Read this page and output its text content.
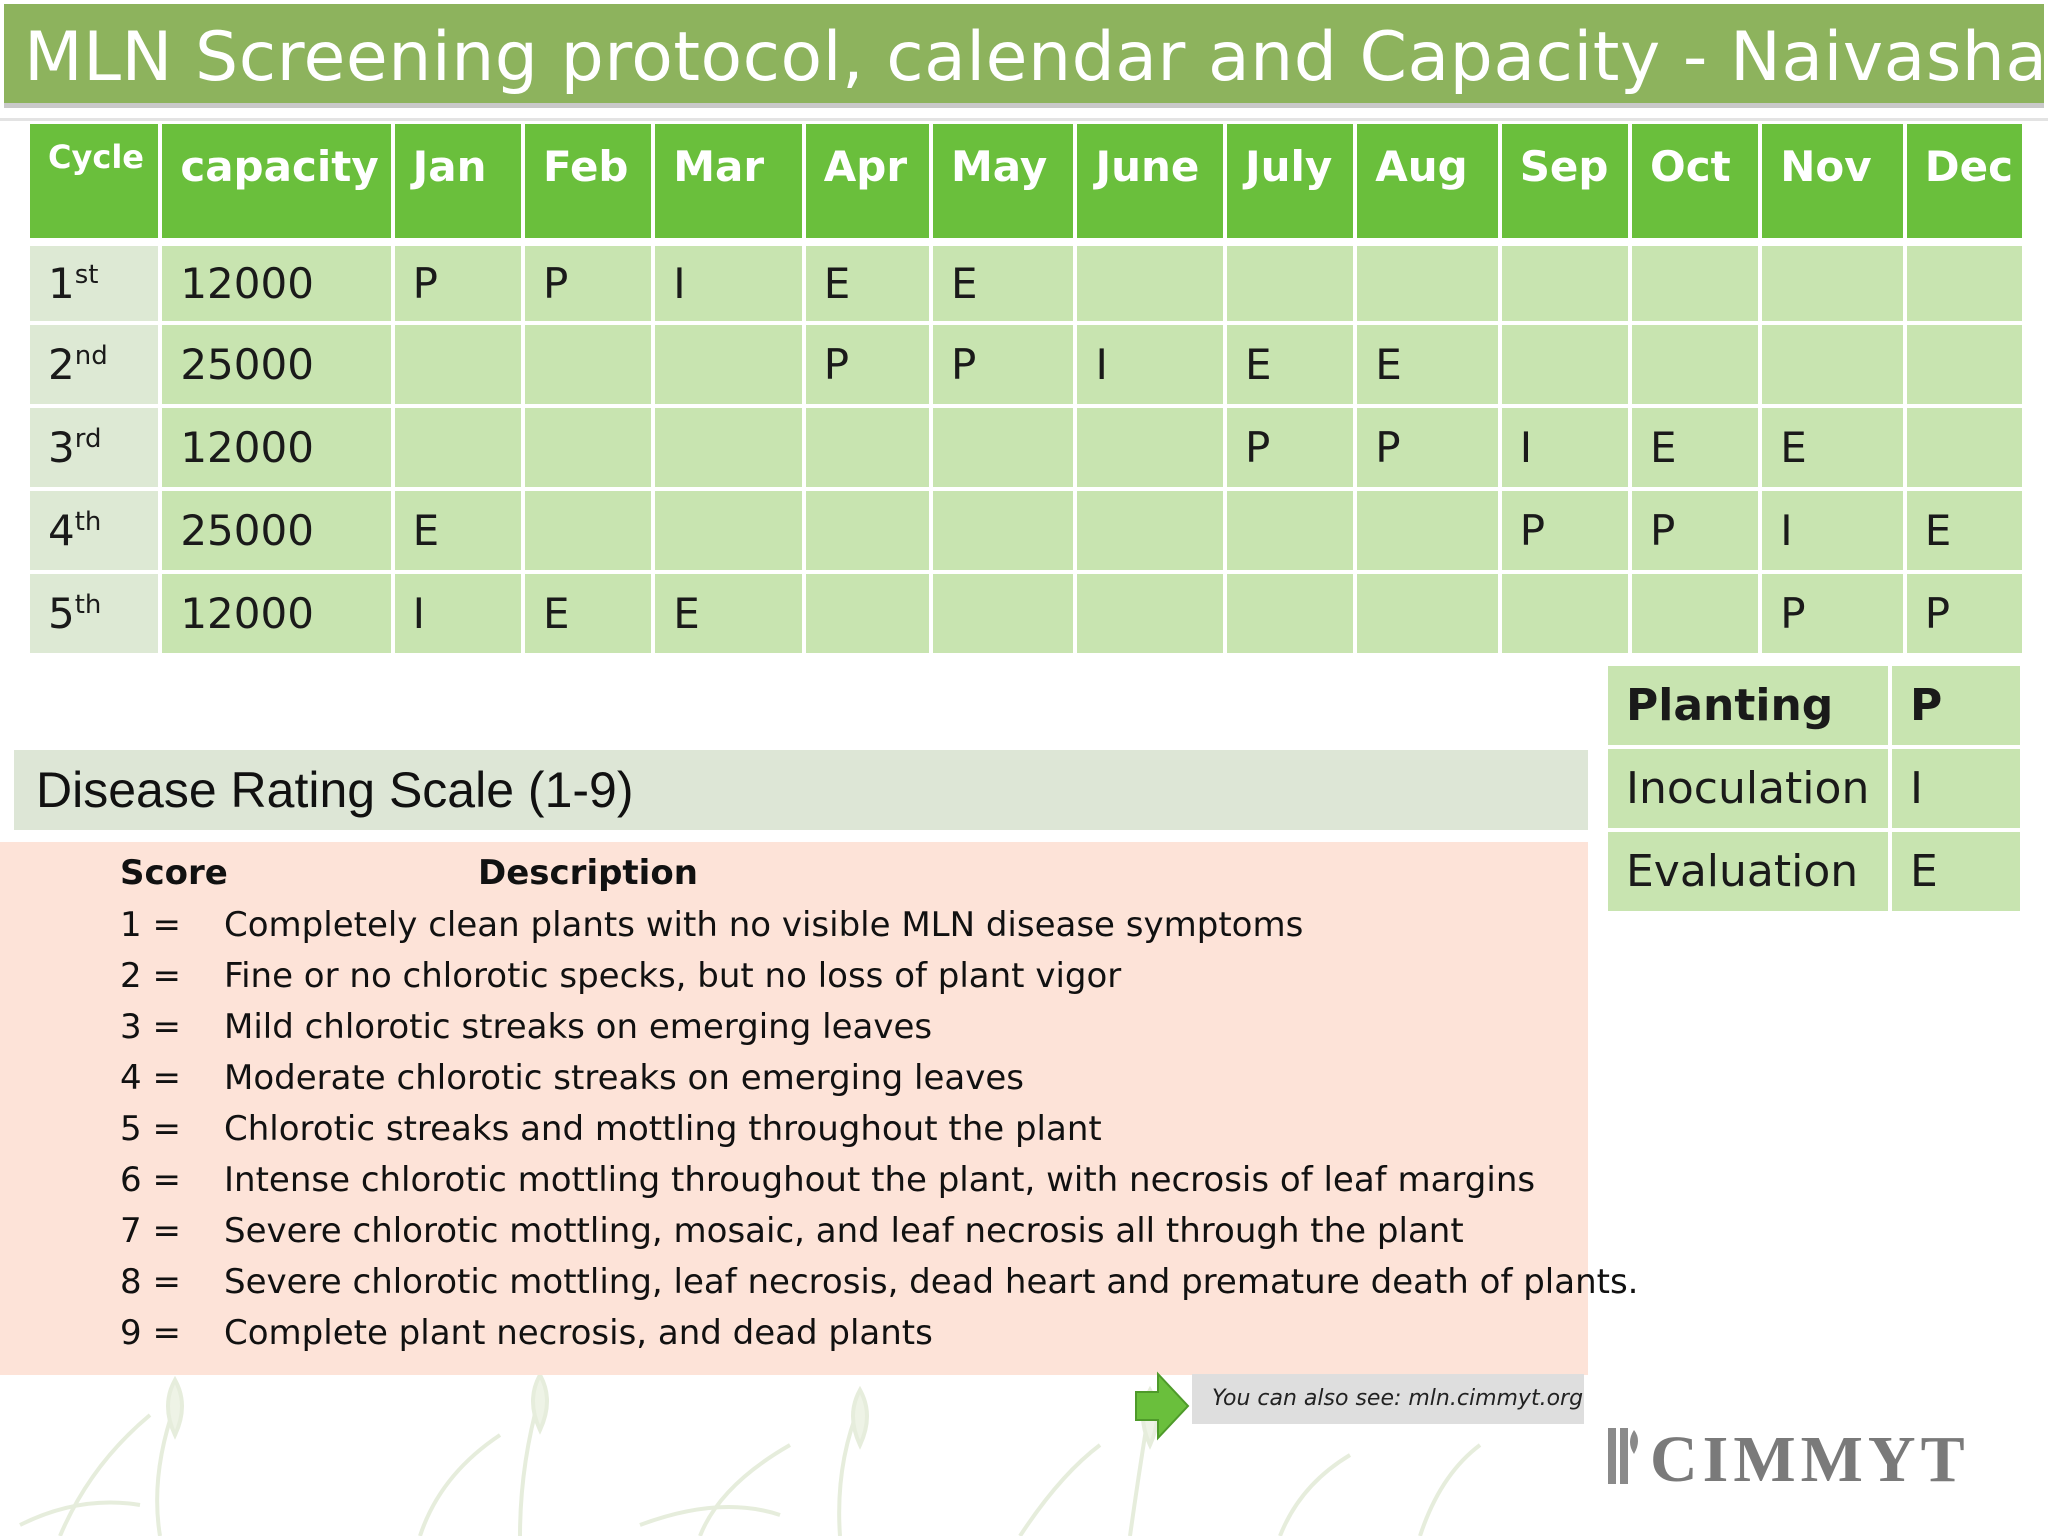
MLN Screening protocol, calendar and Capacity - Naivasha
Cycle	capacity	Jan	Feb	Mar	Apr	May	June	July	Aug	Sep	Oct	Nov	Dec
1st	12000	P	P	I	E	E							
2nd	25000				P	P	I	E	E				
3rd	12000							P	P	I	E	E	
4th	25000	E								P	P	I	E
5th	12000	I	E	E								P	P
Planting	P
Inoculation	I
Evaluation	E
Disease Rating Scale (1-9)
Score	Description
1 = Completely clean plants with no visible MLN disease symptoms
2 = Fine or no chlorotic specks, but no loss of plant vigor
3 = Mild chlorotic streaks on emerging leaves
4 = Moderate chlorotic streaks on emerging leaves
5 = Chlorotic streaks and mottling throughout the plant
6 = Intense chlorotic mottling throughout the plant, with necrosis of leaf margins
7 = Severe chlorotic mottling, mosaic, and leaf necrosis all through the plant
8 = Severe chlorotic mottling, leaf necrosis, dead heart and premature death of plants.
9 = Complete plant necrosis, and dead plants
You can also see: mln.cimmyt.org
CIMMYT
